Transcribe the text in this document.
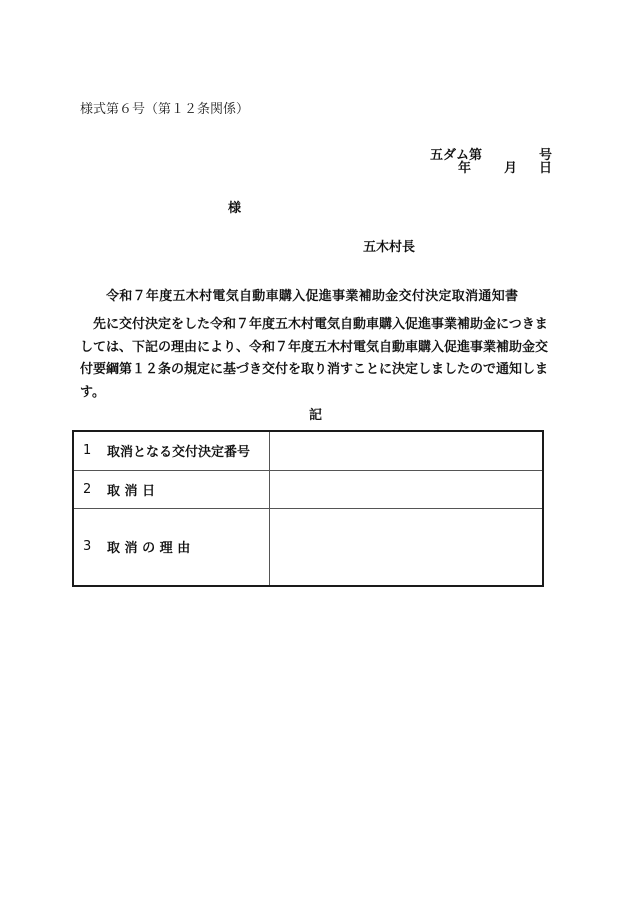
様式第６号（第１２条関係）
五ダム第	号
年	月 日
様
五木村長
令和７年度五木村電気自動車購入促進事業補助金交付決定取消通知書
先に交付決定をした令和７年度五木村電気自動車購入促進事業補助金につきましては、下記の理由により、令和７年度五木村電気自動車購入促進事業補助金交付要綱第１２条の規定に基づき交付を取り消すことに決定しましたので通知します。
記
1 取消となる交付決定番号	

2 取 消 日	

3 取 消 の 理 由	
